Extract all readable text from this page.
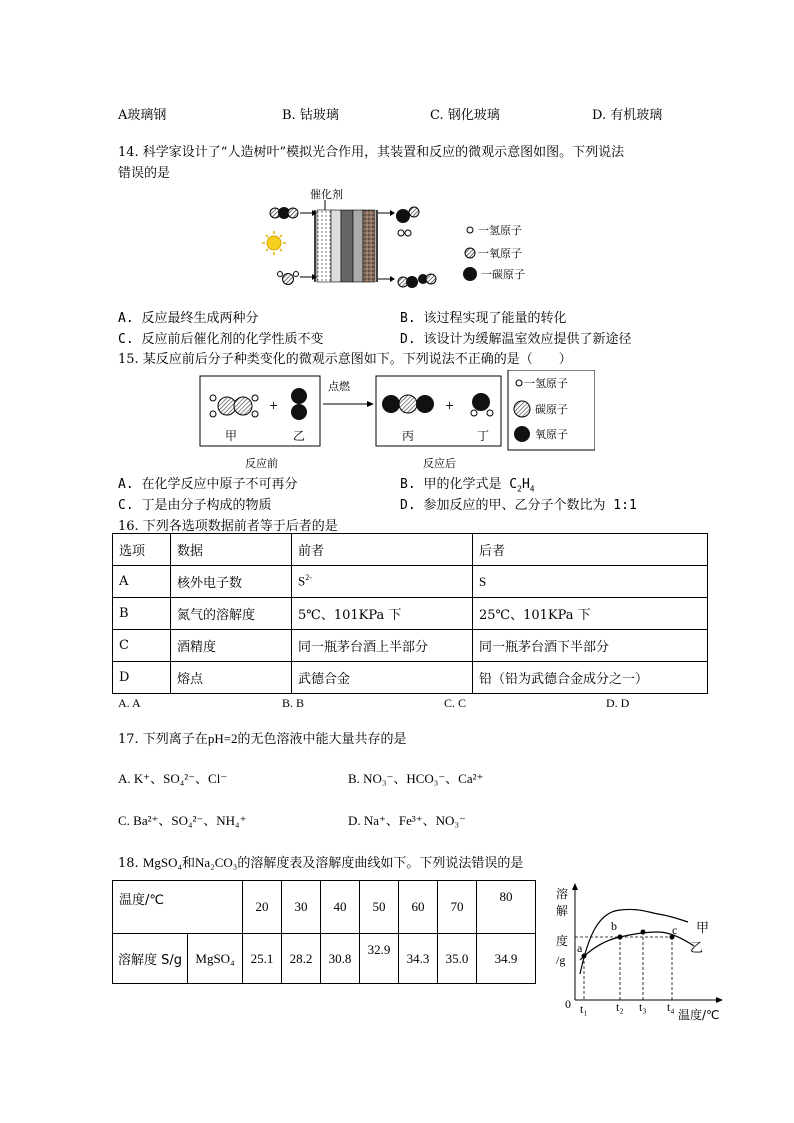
A玻璃钢	B. 钴玻璃	C. 钢化玻璃	D. 有机玻璃
14. 科学家设计了“人造树叶”模拟光合作用，其装置和反应的微观示意图如图。下列说法
错误的是
催化剂
一氢原子
一氧原子
一碳原子
A. 反应最终生成两种分	B. 该过程实现了能量的转化
C. 反应前后催化剂的化学性质不变	D. 该设计为缓解温室效应提供了新途径
15. 某反应前后分子种类变化的微观示意图如下。下列说法不正确的是（　　）
+
甲	乙
点燃
+
丙	丁
一氢原子
碳原子
氧原子
反应前	反应后
A. 在化学反应中原子不可再分	B. 甲的化学式是 $C_2H_4$
C. 丁是由分子构成的物质	D. 参加反应的甲、乙分子个数比为 1:1
16. 下列各选项数据前者等于后者的是
选项	数据	前者	后者
A	核外电子数	$S^{2-}$	S
B	氮气的溶解度	5℃、101KPa 下	25℃、101KPa 下
C	酒精度	同一瓶茅台酒上半部分	同一瓶茅台酒下半部分
D	熔点	武德合金	铅（铅为武德合金成分之一）
A. A	B. B	C. C	D. D
17. 下列离子在pH=2的无色溶液中能大量共存的是
A. K⁺、SO₄²⁻、Cl⁻	B. NO₃⁻、HCO₃⁻、Ca²⁺
C. Ba²⁺、SO₄²⁻、NH₄⁺	D. Na⁺、Fe³⁺、NO₃⁻
18. MgSO₄和Na₂CO₃的溶解度表及溶解度曲线如下。下列说法错误的是
温度/℃		20	30	40	50	60	70	80
溶解度 S/g	MgSO₄	25.1	28.2	30.8	32.9	34.3	35.0	34.9
溶
解
度
/g
0
温度/℃
a
b	c
t₁ t₂ t₃ t₄
甲
乙
